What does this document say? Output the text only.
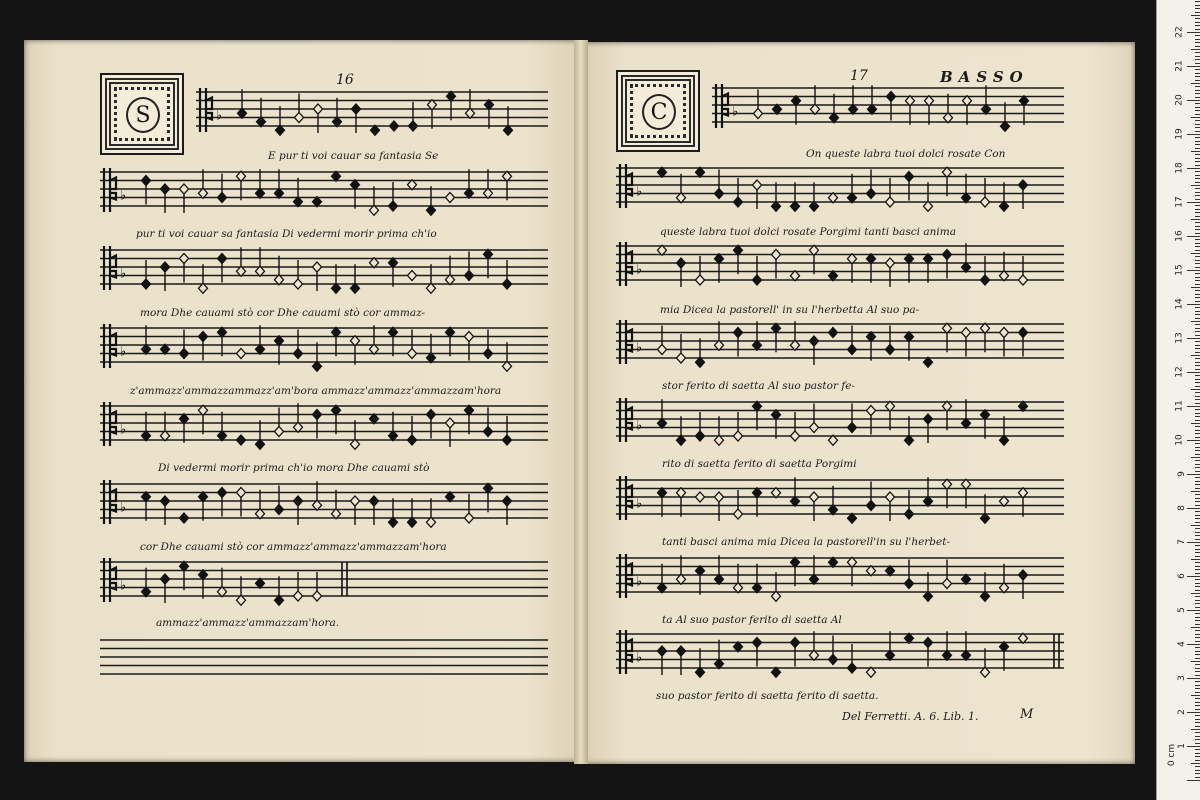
16
S
17	BASSO
C
E pur ti voi cauar sa fantasia Se
pur ti voi cauar sa fantasia Di vedermi morir prima ch'io
mora Dhe cauami stò cor Dhe cauami stò cor ammaz-
z'ammazz'ammazzammazz'am'bora ammazz'ammazz'ammazzam'hora
Di vedermi morir prima ch'io mora Dhe cauami stò
cor Dhe cauami stò cor ammazz'ammazz'ammazzam'hora
ammazz'ammazz'ammazzam'hora.
On queste labra tuoi dolci rosate Con
queste labra tuoi dolci rosate Porgimi tanti basci anima
mia Dicea la pastorell' in su l'herbetta Al suo pa-
stor ferito di saetta Al suo pastor fe-
rito di saetta ferito di saetta Porgimi
tanti basci anima mia Dicea la pastorell'in su l'herbet-
ta Al suo pastor ferito di saetta Al
suo pastor ferito di saetta ferito di saetta.
Del Ferretti. A. 6. Lib. 1.	M
0 cm
22
21
20
19
18
17
16
15
14
13
12
11
10
9
8
7
6
5
4
3
2
1
♭
♭
♭
♭
♭
♭
♭
♭
♭
♭
♭
♭
♭
♭
♭
